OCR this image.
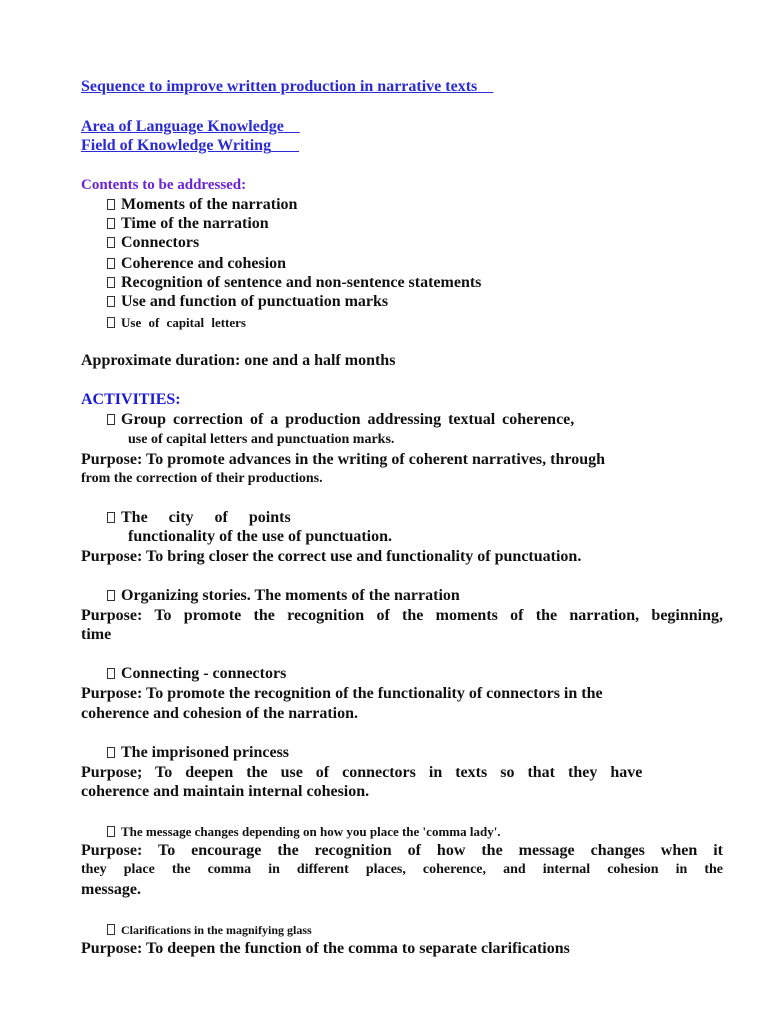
Sequence to improve written production in narrative texts
Area of Language Knowledge
Field of Knowledge Writing
Contents to be addressed:
Moments of the narration
Time of the narration
Connectors
Coherence and cohesion
Recognition of sentence and non-sentence statements
Use and function of punctuation marks
Use of capital letters
Approximate duration: one and a half months
ACTIVITIES:
Group correction of a production addressing textual coherence,
use of capital letters and punctuation marks.
Purpose: To promote advances in the writing of coherent narratives, through
from the correction of their productions.
The city of points
functionality of the use of punctuation.
Purpose: To bring closer the correct use and functionality of punctuation.
Organizing stories. The moments of the narration
Purpose: To promote the recognition of the moments of the narration, beginning,
time
Connecting - connectors
Purpose: To promote the recognition of the functionality of connectors in the
coherence and cohesion of the narration.
The imprisoned princess
Purpose; To deepen the use of connectors in texts so that they have
coherence and maintain internal cohesion.
The message changes depending on how you place the 'comma lady'.
Purpose: To encourage the recognition of how the message changes when it
they place the comma in different places, coherence, and internal cohesion in the
message.
Clarifications in the magnifying glass
Purpose: To deepen the function of the comma to separate clarifications
